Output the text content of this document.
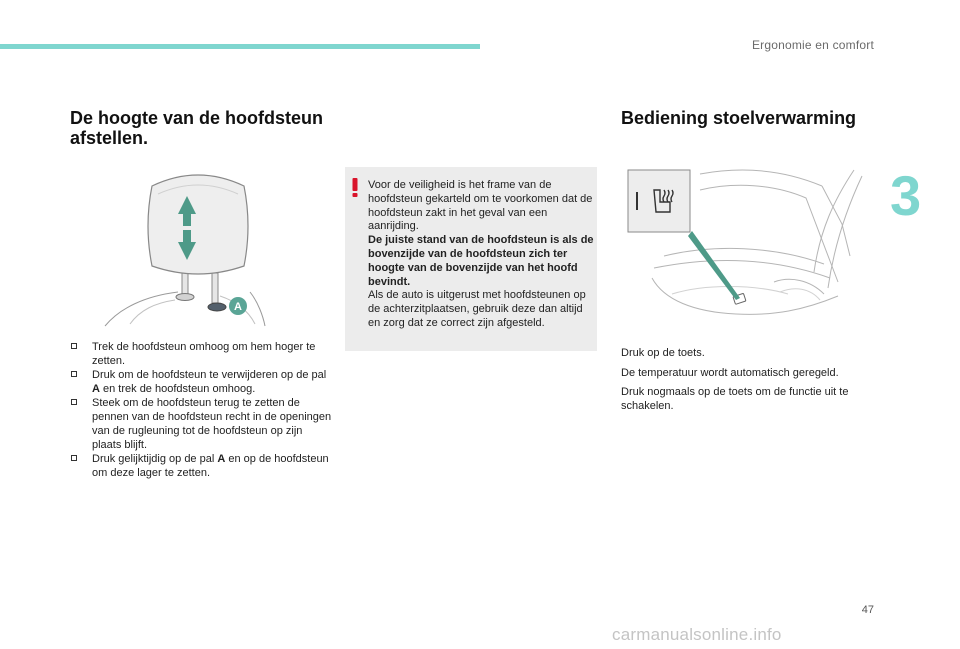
Ergonomie en comfort
3
De hoogte van de hoofdsteun afstellen.
A
Trek de hoofdsteun omhoog om hem hoger te zetten.
Druk om de hoofdsteun te verwijderen op de pal A en trek de hoofdsteun omhoog.
Steek om de hoofdsteun terug te zetten de pennen van de hoofdsteun recht in de openingen van de rugleuning tot de hoofdsteun op zijn plaats blijft.
Druk gelijktijdig op de pal A en op de hoofdsteun om deze lager te zetten.
Voor de veiligheid is het frame van de hoofdsteun gekarteld om te voorkomen dat de hoofdsteun zakt in het geval van een aanrijding.
De juiste stand van de hoofdsteun is als de bovenzijde van de hoofdsteun zich ter hoogte van de bovenzijde van het hoofd bevindt.
Als de auto is uitgerust met hoofdsteunen op de achterzitplaatsen, gebruik deze dan altijd en zorg dat ze correct zijn afgesteld.
Bediening stoelverwarming

Druk op de toets.

De temperatuur wordt automatisch geregeld.

Druk nogmaals op de toets om de functie uit te schakelen.

47
carmanualsonline.info
